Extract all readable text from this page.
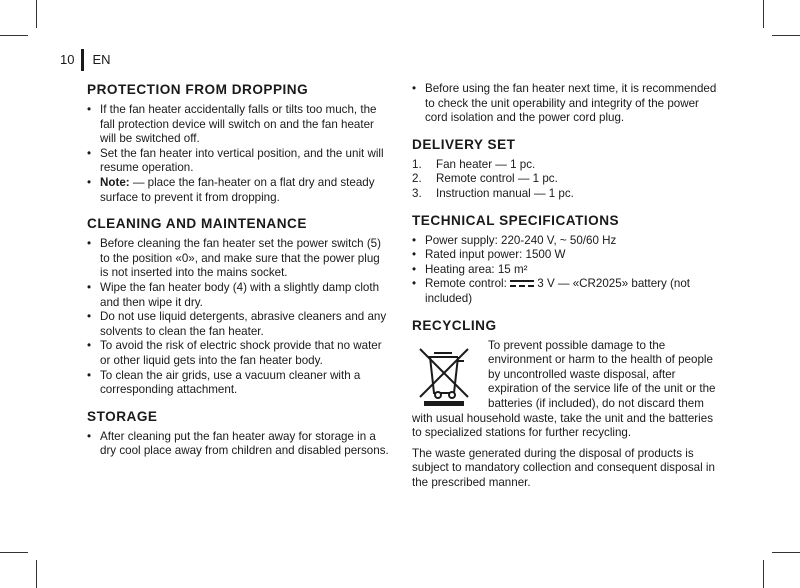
10 EN
PROTECTION FROM DROPPING
• If the fan heater accidentally falls or tilts too much, the fall protection device will switch on and the fan heater will be switched off.
• Set the fan heater into vertical position, and the unit will resume operation.
• Note: — place the fan-heater on a flat dry and steady surface to prevent it from dropping.
CLEANING AND MAINTENANCE
• Before cleaning the fan heater set the power switch (5) to the position «0», and make sure that the power plug is not inserted into the mains socket.
• Wipe the fan heater body (4) with a slightly damp cloth and then wipe it dry.
• Do not use liquid detergents, abrasive cleaners and any solvents to clean the fan heater.
• To avoid the risk of electric shock provide that no water or other liquid gets into the fan heater body.
• To clean the air grids, use a vacuum cleaner with a corresponding attachment.
STORAGE
• After cleaning put the fan heater away for storage in a dry cool place away from children and disabled persons.
• Before using the fan heater next time, it is recommended to check the unit operability and integrity of the power cord isolation and the power cord plug.
DELIVERY SET
1. Fan heater — 1 pc.
2. Remote control — 1 pc.
3. Instruction manual — 1 pc.
TECHNICAL SPECIFICATIONS
• Power supply: 220-240 V, ~ 50/60 Hz
• Rated input power: 1500 W
• Heating area: 15 m²
• Remote control:  3 V — «CR2025» battery (not included)
RECYCLING

To prevent possible damage to the environment or harm to the health of people by uncontrolled waste disposal, after expiration of the service life of the unit or the batteries (if included), do not discard them with usual household waste, take the unit and the batteries to specialized stations for further recycling.

The waste generated during the disposal of products is subject to mandatory collection and consequent disposal in the prescribed manner.
